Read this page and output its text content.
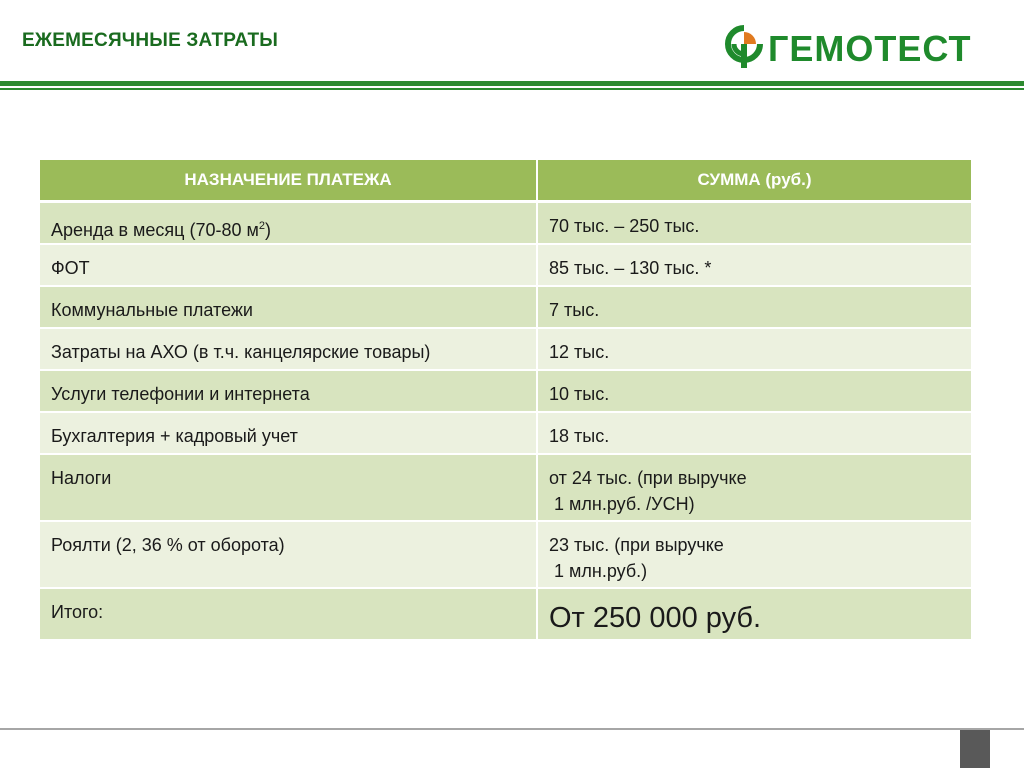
ЕЖЕМЕСЯЧНЫЕ ЗАТРАТЫ	ГЕМОТЕСТ
НАЗНАЧЕНИЕ ПЛАТЕЖА	СУММА (руб.)
Аренда в месяц (70-80 $м^2$)	70 тыс. – 250 тыс.
ФОТ	85 тыс. – 130 тыс. *
Коммунальные платежи	7 тыс.
Затраты на АХО (в т.ч. канцелярские товары)	12 тыс.
Услуги телефонии и интернета	10 тыс.
Бухгалтерия + кадровый учет	18 тыс.
Налоги	от 24 тыс. (при выручке
1 млн.руб. /УСН)

Роялти (2, 36 % от оборота)	23 тыс. (при выручке
1 млн.руб.)

Итого:	От 250 000 руб.
